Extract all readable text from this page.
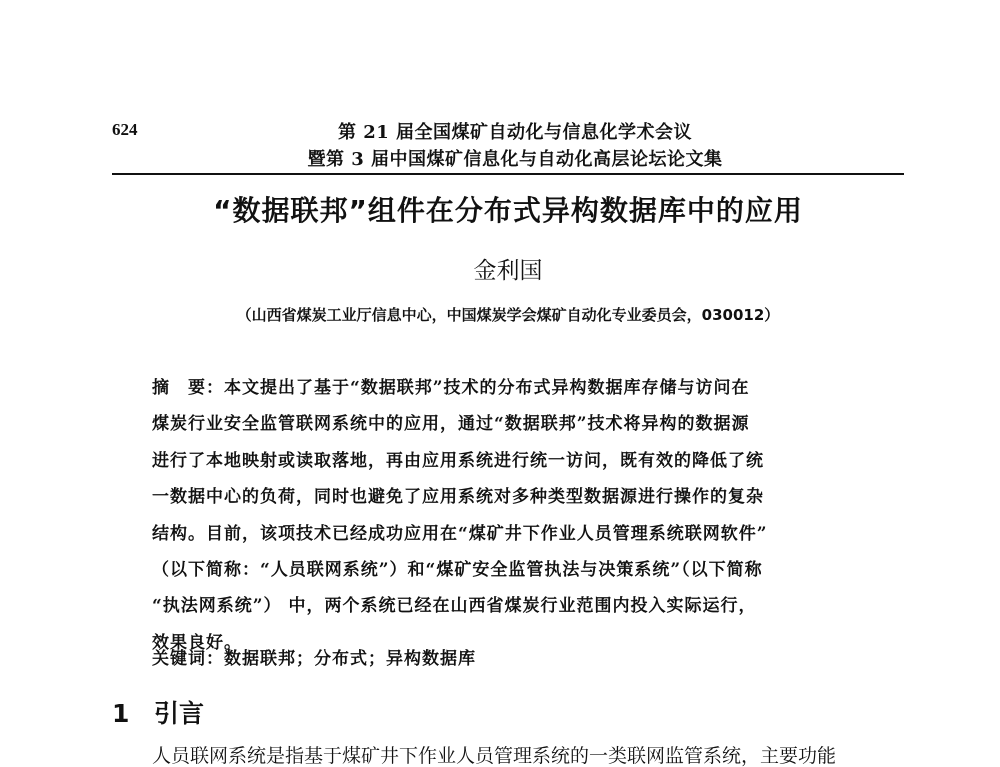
624	第 21 届全国煤矿自动化与信息化学术会议
暨第 3 届中国煤矿信息化与自动化高层论坛论文集
“数据联邦”组件在分布式异构数据库中的应用
金利国
（山西省煤炭工业厅信息中心，中国煤炭学会煤矿自动化专业委员会，030012）
摘　要：本文提出了基于“数据联邦”技术的分布式异构数据库存储与访问在
煤炭行业安全监管联网系统中的应用，通过“数据联邦”技术将异构的数据源
进行了本地映射或读取落地，再由应用系统进行统一访问，既有效的降低了统
一数据中心的负荷，同时也避免了应用系统对多种类型数据源进行操作的复杂
结构。目前，该项技术已经成功应用在“煤矿井下作业人员管理系统联网软件”
（以下简称：“人员联网系统”）和“煤矿安全监管执法与决策系统”（以下简称
“执法网系统”） 中，两个系统已经在山西省煤炭行业范围内投入实际运行，
效果良好。
关键词：数据联邦；分布式；异构数据库
1 引言
人员联网系统是指基于煤矿井下作业人员管理系统的一类联网监管系统，主要功能
